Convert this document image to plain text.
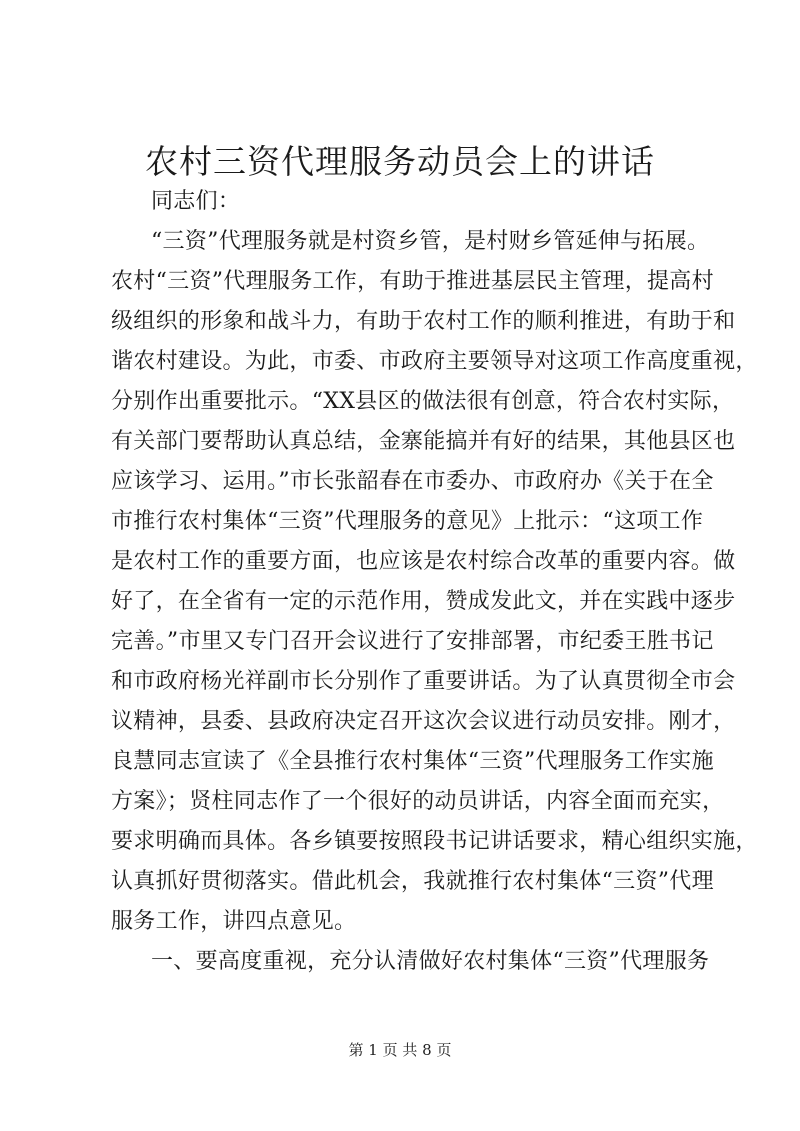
农村三资代理服务动员会上的讲话
同志们：
“三资”代理服务就是村资乡管，是村财乡管延伸与拓展。
农村“三资”代理服务工作，有助于推进基层民主管理，提高村
级组织的形象和战斗力，有助于农村工作的顺利推进，有助于和
谐农村建设。为此，市委、市政府主要领导对这项工作高度重视，
分别作出重要批示。“XX县区的做法很有创意，符合农村实际，
有关部门要帮助认真总结，金寨能搞并有好的结果，其他县区也
应该学习、运用。”市长张韶春在市委办、市政府办《关于在全
市推行农村集体“三资”代理服务的意见》上批示：“这项工作
是农村工作的重要方面，也应该是农村综合改革的重要内容。做
好了，在全省有一定的示范作用，赞成发此文，并在实践中逐步
完善。”市里又专门召开会议进行了安排部署，市纪委王胜书记
和市政府杨光祥副市长分别作了重要讲话。为了认真贯彻全市会
议精神，县委、县政府决定召开这次会议进行动员安排。刚才，
良慧同志宣读了《全县推行农村集体“三资”代理服务工作实施
方案》；贤柱同志作了一个很好的动员讲话，内容全面而充实，
要求明确而具体。各乡镇要按照段书记讲话要求，精心组织实施，
认真抓好贯彻落实。借此机会，我就推行农村集体“三资”代理
服务工作，讲四点意见。
一、要高度重视，充分认清做好农村集体“三资”代理服务
第 1 页 共 8 页
